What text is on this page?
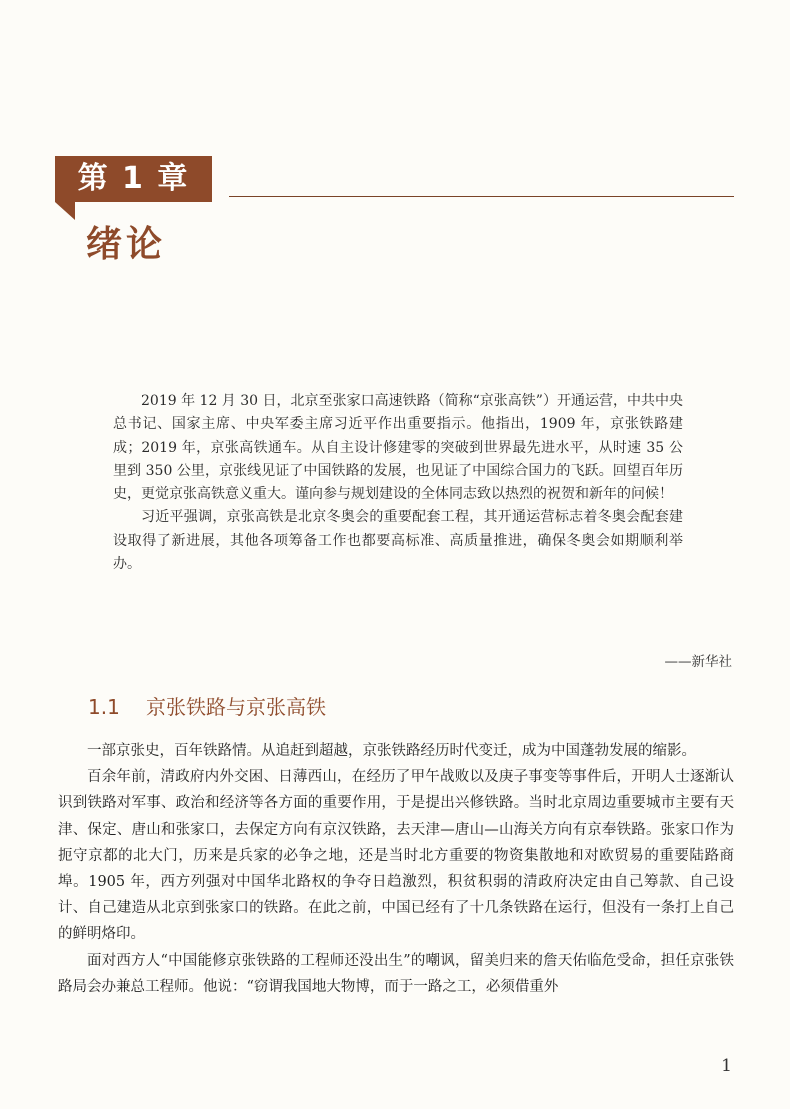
第 1 章
绪论

2019 年 12 月 30 日，北京至张家口高速铁路（简称“京张高铁”）开通运营，中共中央总书记、国家主席、中央军委主席习近平作出重要指示。他指出，1909 年，京张铁路建成；2019 年，京张高铁通车。从自主设计修建零的突破到世界最先进水平，从时速 35 公里到 350 公里，京张线见证了中国铁路的发展，也见证了中国综合国力的飞跃。回望百年历史，更觉京张高铁意义重大。谨向参与规划建设的全体同志致以热烈的祝贺和新年的问候！

习近平强调，京张高铁是北京冬奥会的重要配套工程，其开通运营标志着冬奥会配套建设取得了新进展，其他各项筹备工作也都要高标准、高质量推进，确保冬奥会如期顺利举办。

——新华社
1.1 京张铁路与京张高铁

一部京张史，百年铁路情。从追赶到超越，京张铁路经历时代变迁，成为中国蓬勃发展的缩影。

百余年前，清政府内外交困、日薄西山，在经历了甲午战败以及庚子事变等事件后，开明人士逐渐认识到铁路对军事、政治和经济等各方面的重要作用，于是提出兴修铁路。当时北京周边重要城市主要有天津、保定、唐山和张家口，去保定方向有京汉铁路，去天津—唐山—山海关方向有京奉铁路。张家口作为扼守京都的北大门，历来是兵家的必争之地，还是当时北方重要的物资集散地和对欧贸易的重要陆路商埠。1905 年，西方列强对中国华北路权的争夺日趋激烈，积贫积弱的清政府决定由自己筹款、自己设计、自己建造从北京到张家口的铁路。在此之前，中国已经有了十几条铁路在运行，但没有一条打上自己的鲜明烙印。

面对西方人“中国能修京张铁路的工程师还没出生”的嘲讽，留美归来的詹天佑临危受命，担任京张铁路局会办兼总工程师。他说：“窃谓我国地大物博，而于一路之工，必须借重外

1
